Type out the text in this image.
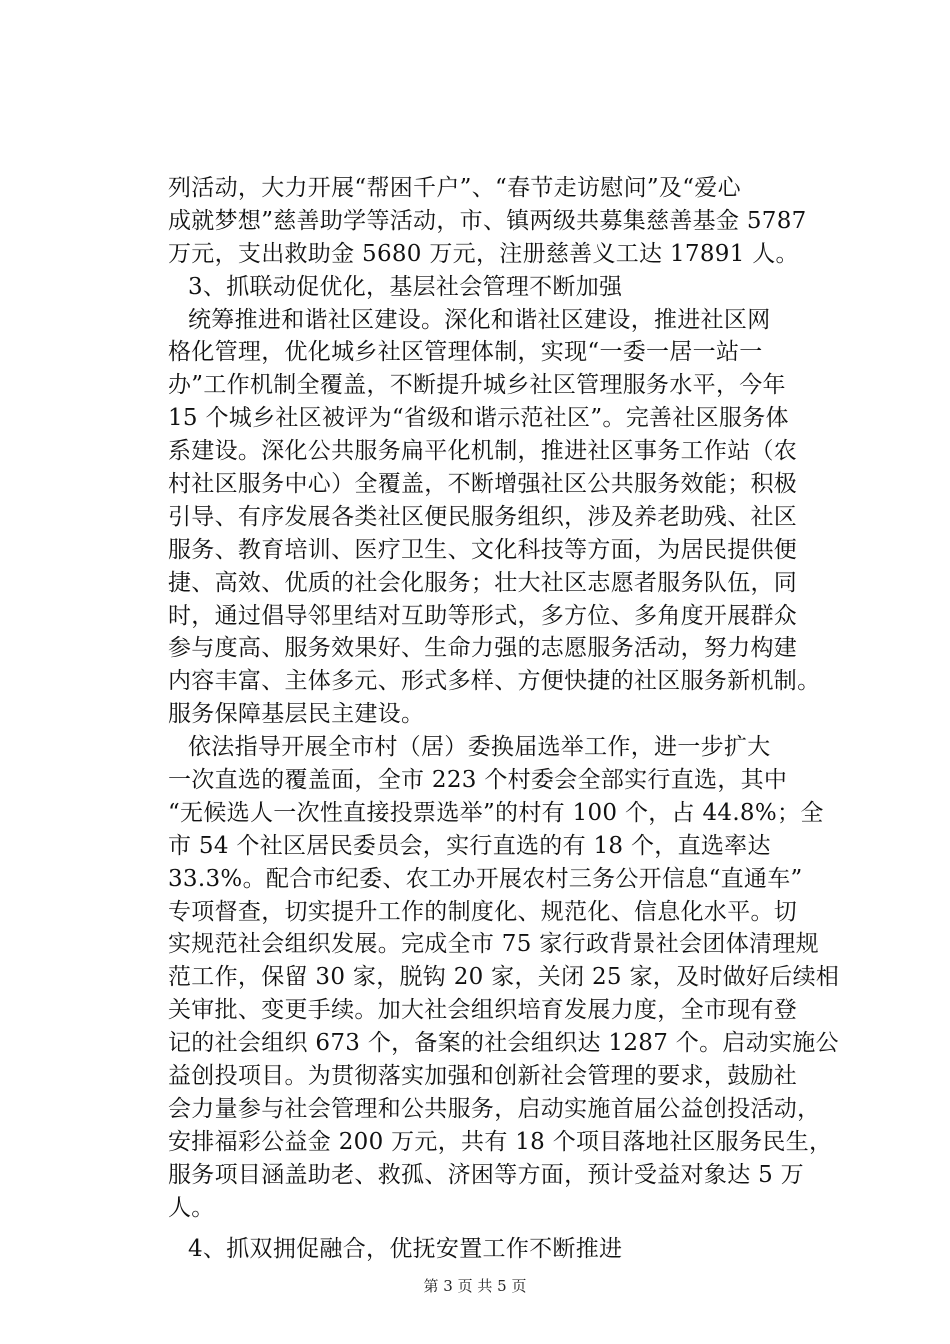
列活动，大力开展“帮困千户”、“春节走访慰问”及“爱心
成就梦想”慈善助学等活动，市、镇两级共募集慈善基金 5787
万元，支出救助金 5680 万元，注册慈善义工达 17891 人。
3、抓联动促优化，基层社会管理不断加强
统筹推进和谐社区建设。深化和谐社区建设，推进社区网
格化管理，优化城乡社区管理体制，实现“一委一居一站一
办”工作机制全覆盖，不断提升城乡社区管理服务水平，今年
15 个城乡社区被评为“省级和谐示范社区”。完善社区服务体
系建设。深化公共服务扁平化机制，推进社区事务工作站（农
村社区服务中心）全覆盖，不断增强社区公共服务效能；积极
引导、有序发展各类社区便民服务组织，涉及养老助残、社区
服务、教育培训、医疗卫生、文化科技等方面，为居民提供便
捷、高效、优质的社会化服务；壮大社区志愿者服务队伍，同
时，通过倡导邻里结对互助等形式，多方位、多角度开展群众
参与度高、服务效果好、生命力强的志愿服务活动，努力构建
内容丰富、主体多元、形式多样、方便快捷的社区服务新机制。
服务保障基层民主建设。
依法指导开展全市村（居）委换届选举工作，进一步扩大
一次直选的覆盖面，全市 223 个村委会全部实行直选，其中
“无候选人一次性直接投票选举”的村有 100 个，占 44.8%；全
市 54 个社区居民委员会，实行直选的有 18 个，直选率达
33.3%。配合市纪委、农工办开展农村三务公开信息“直通车”
专项督查，切实提升工作的制度化、规范化、信息化水平。切
实规范社会组织发展。完成全市 75 家行政背景社会团体清理规
范工作，保留 30 家，脱钩 20 家，关闭 25 家，及时做好后续相
关审批、变更手续。加大社会组织培育发展力度，全市现有登
记的社会组织 673 个，备案的社会组织达 1287 个。启动实施公
益创投项目。为贯彻落实加强和创新社会管理的要求，鼓励社
会力量参与社会管理和公共服务，启动实施首届公益创投活动，
安排福彩公益金 200 万元，共有 18 个项目落地社区服务民生，
服务项目涵盖助老、救孤、济困等方面，预计受益对象达 5 万
人。
4、抓双拥促融合，优抚安置工作不断推进
第 3 页 共 5 页
